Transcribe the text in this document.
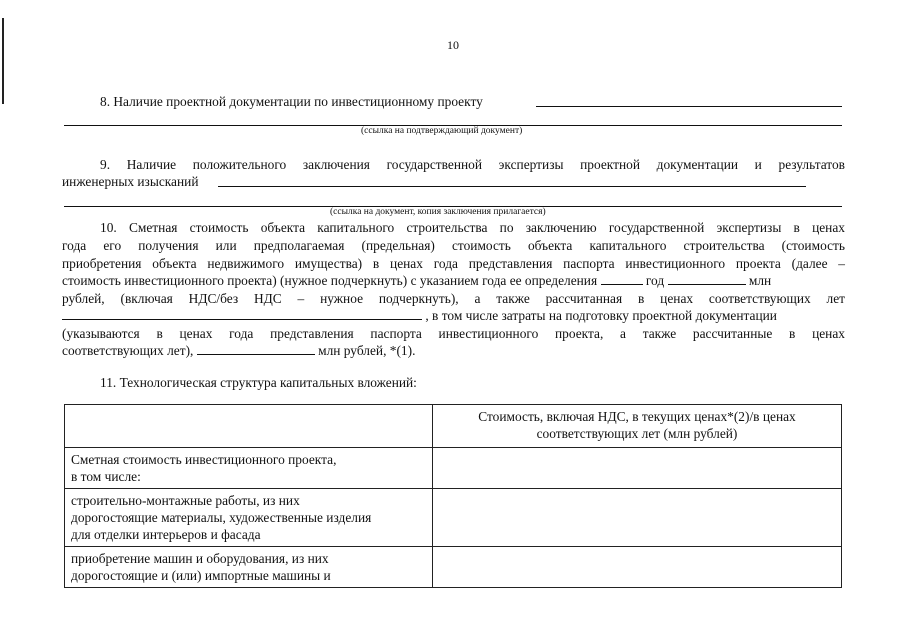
10
8. Наличие проектной документации по инвестиционному проекту
(ссылка на подтверждающий документ)
9. Наличие положительного заключения государственной экспертизы проектной документации и результатов
инженерных изысканий
(ссылка на документ, копия заключения прилагается)
10. Сметная стоимость объекта капитального строительства по заключению государственной экспертизы в ценах
года его получения или предполагаемая (предельная) стоимость объекта капитального строительства (стоимость
приобретения объекта недвижимого имущества) в ценах года представления паспорта инвестиционного проекта (далее –
стоимость инвестиционного проекта) (нужное подчеркнуть) с указанием года ее определения	год	млн
рублей, (включая НДС/без НДС – нужное подчеркнуть), а также рассчитанная в ценах соответствующих лет
, в том числе затраты на подготовку проектной документации
(указываются в ценах года представления паспорта инвестиционного проекта, а также рассчитанные в ценах
соответствующих лет),	млн рублей, *(1).
11. Технологическая структура капитальных вложений:
	Стоимость, включая НДС, в текущих ценах*(2)/в ценах соответствующих лет (млн рублей)

Сметная стоимость инвестиционного проекта,
в том числе:	

строительно-монтажные работы, из них
дорогостоящие материалы, художественные изделия
для отделки интерьеров и фасада	

приобретение машин и оборудования, из них
дорогостоящие и (или) импортные машины и	
